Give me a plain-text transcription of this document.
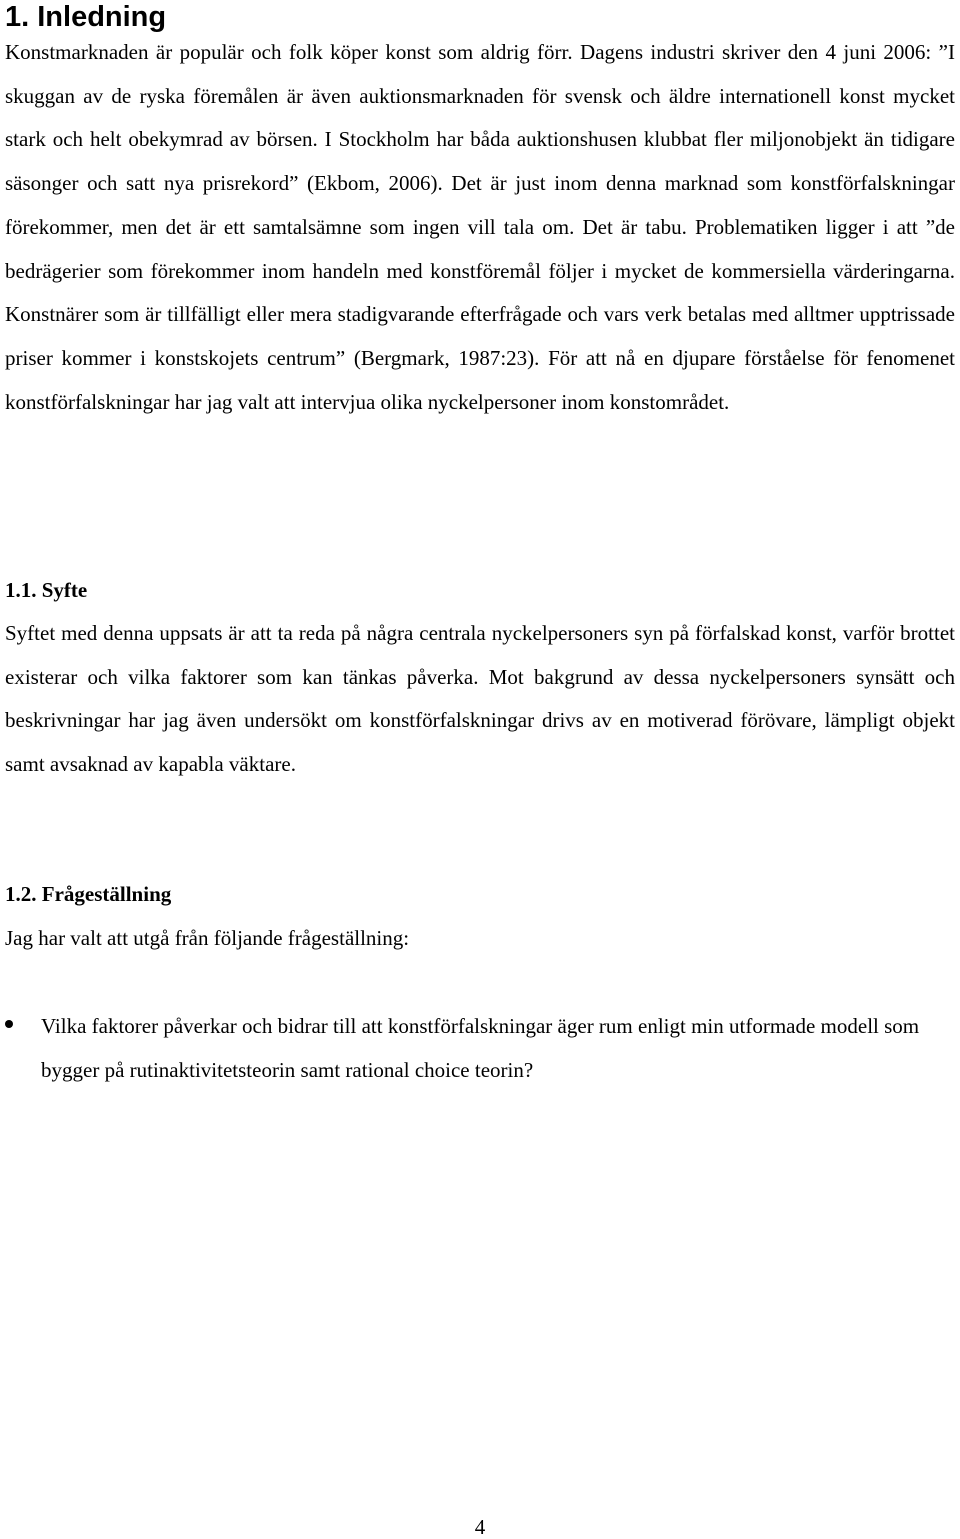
1. Inledning

Konstmarknaden är populär och folk köper konst som aldrig förr. Dagens industri skriver den 4 juni 2006: ”I skuggan av de ryska föremålen är även auktionsmarknaden för svensk och äldre internationell konst mycket stark och helt obekymrad av börsen. I Stockholm har båda auktionshusen klubbat fler miljonobjekt än tidigare säsonger och satt nya prisrekord” (Ekbom, 2006). Det är just inom denna marknad som konstförfalskningar förekommer, men det är ett samtalsämne som ingen vill tala om. Det är tabu. Problematiken ligger i att ”de bedrägerier som förekommer inom handeln med konstföremål följer i mycket de kommersiella värderingarna. Konstnärer som är tillfälligt eller mera stadigvarande efterfrågade och vars verk betalas med alltmer upptrissade priser kommer i konstskojets centrum” (Bergmark, 1987:23). För att nå en djupare förståelse för fenomenet konstförfalskningar har jag valt att intervjua olika nyckelpersoner inom konstområdet.

1.1. Syfte

Syftet med denna uppsats är att ta reda på några centrala nyckelpersoners syn på förfalskad konst, varför brottet existerar och vilka faktorer som kan tänkas påverka. Mot bakgrund av dessa nyckelpersoners synsätt och beskrivningar har jag även undersökt om konstförfalskningar drivs av en motiverad förövare, lämpligt objekt samt avsaknad av kapabla väktare.

1.2. Frågeställning

Jag har valt att utgå från följande frågeställning:

Vilka faktorer påverkar och bidrar till att konstförfalskningar äger rum enligt min utformade modell som bygger på rutinaktivitetsteorin samt rational choice teorin?
4
